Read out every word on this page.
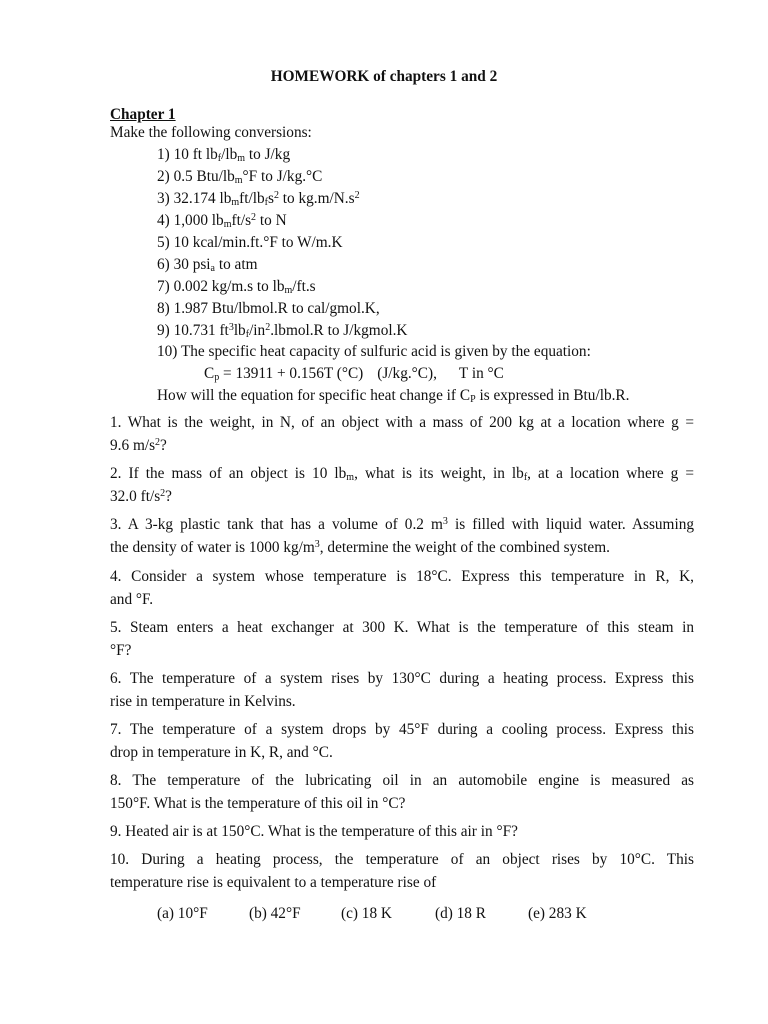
HOMEWORK of chapters 1 and 2
Chapter 1
Make the following conversions:
1) 10 ft $lb_f/lb_m$ to J/kg
2) 0.5 Btu/$lb_m^\circ F$ to J/kg.°C
3) 32.174 $lb_mft/lb_fs^2$ to $kg.m/N.s^2$
4) 1,000 $lb_mft/s^2$ to N
5) 10 kcal/min.ft.°F to W/m.K
6) 30 psi$_a$ to atm
7) 0.002 kg/m.s to $lb_m/ft.s$
8) 1.987 Btu/lbmol.R to cal/gmol.K,
9) 10.731 $ft^3lb_f/in^2.lbmol.R$ to J/kgmol.K
10) The specific heat capacity of sulfuric acid is given by the equation:
$C_p = 13911 + 0.156T$ (°C) (J/kg.°C), T in °C
How will the equation for specific heat change if $C_P$ is expressed in Btu/lb.R.
1. What is the weight, in N, of an object with a mass of 200 kg at a location where g =
9.6 $m/s^2$?
2. If the mass of an object is 10 $lb_m$, what is its weight, in $lb_f$, at a location where g =
32.0 $ft/s^2$?
3. A 3-kg plastic tank that has a volume of 0.2 $m^3$ is filled with liquid water. Assuming
the density of water is 1000 $kg/m^3$, determine the weight of the combined system.
4. Consider a system whose temperature is 18°C. Express this temperature in R, K,
and °F.
5. Steam enters a heat exchanger at 300 K. What is the temperature of this steam in
°F?
6. The temperature of a system rises by 130°C during a heating process. Express this
rise in temperature in Kelvins.
7. The temperature of a system drops by 45°F during a cooling process. Express this
drop in temperature in K, R, and °C.
8. The temperature of the lubricating oil in an automobile engine is measured as
150°F. What is the temperature of this oil in °C?
9. Heated air is at 150°C. What is the temperature of this air in °F?
10. During a heating process, the temperature of an object rises by 10°C. This
temperature rise is equivalent to a temperature rise of
(a) 10°F	(b) 42°F	(c) 18 K	(d) 18 R	(e) 283 K
